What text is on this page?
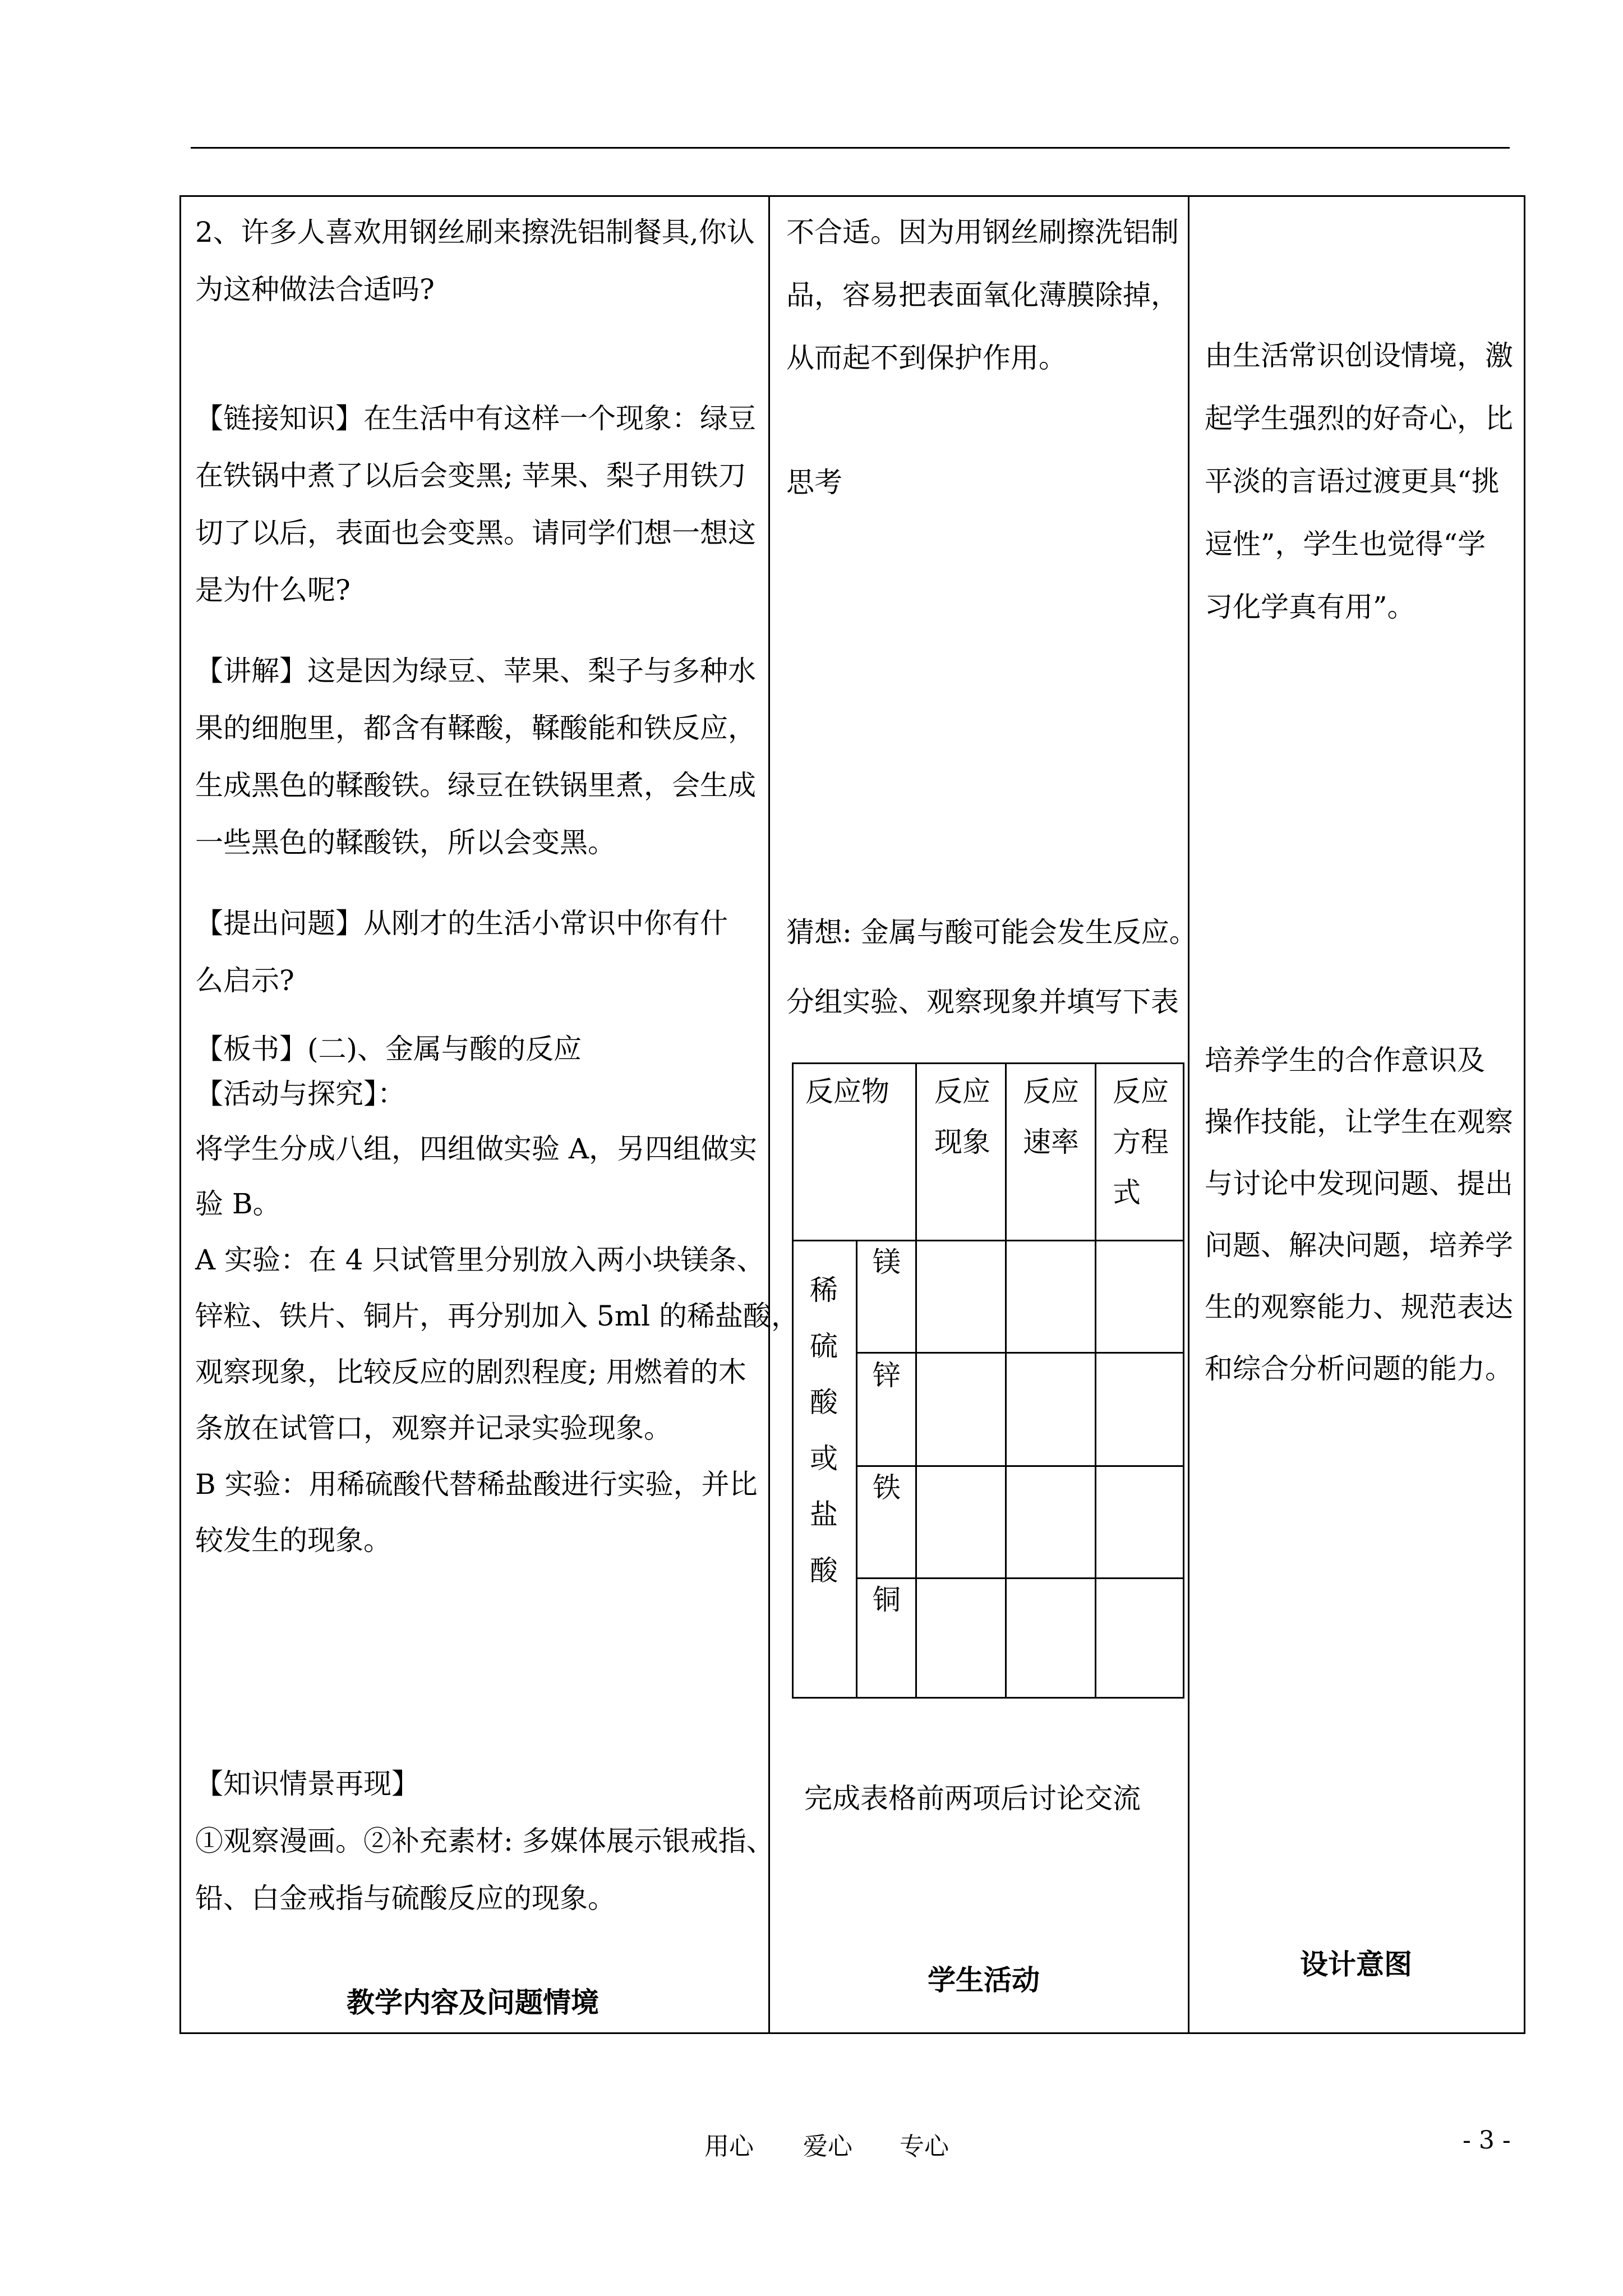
2、许多人喜欢用钢丝刷来擦洗铝制餐具,你认
为这种做法合适吗?
【链接知识】在生活中有这样一个现象：绿豆
在铁锅中煮了以后会变黑; 苹果、梨子用铁刀
切了以后，表面也会变黑。请同学们想一想这
是为什么呢?
【讲解】这是因为绿豆、苹果、梨子与多种水
果的细胞里，都含有鞣酸，鞣酸能和铁反应，
生成黑色的鞣酸铁。绿豆在铁锅里煮，会生成
一些黑色的鞣酸铁，所以会变黑。
【提出问题】从刚才的生活小常识中你有什
么启示?
【板书】(二)、金属与酸的反应
【活动与探究】：
将学生分成八组，四组做实验 A，另四组做实
验 B。
A 实验：在 4 只试管里分别放入两小块镁条、
锌粒、铁片、铜片，再分别加入 5ml 的稀盐酸，
观察现象，比较反应的剧烈程度; 用燃着的木
条放在试管口，观察并记录实验现象。
B 实验：用稀硫酸代替稀盐酸进行实验，并比
较发生的现象。
【知识情景再现】
①观察漫画。②补充素材: 多媒体展示银戒指、
铅、白金戒指与硫酸反应的现象。
教学内容及问题情境
不合适。因为用钢丝刷擦洗铝制
品，容易把表面氧化薄膜除掉，
从而起不到保护作用。
思考
猜想: 金属与酸可能会发生反应。
分组实验、观察现象并填写下表
反应物 反应
现象
反应
速率
反应
方程
式
稀
硫
酸
或
盐
酸
镁
锌
铁
铜
完成表格前两项后讨论交流
学生活动
由生活常识创设情境，激
起学生强烈的好奇心，比
平淡的言语过渡更具“挑
逗性”，学生也觉得“学
习化学真有用”。
培养学生的合作意识及
操作技能，让学生在观察
与讨论中发现问题、提出
问题、解决问题，培养学
生的观察能力、规范表达
和综合分析问题的能力。
设计意图
用心 爱心 专心	- 3 -
